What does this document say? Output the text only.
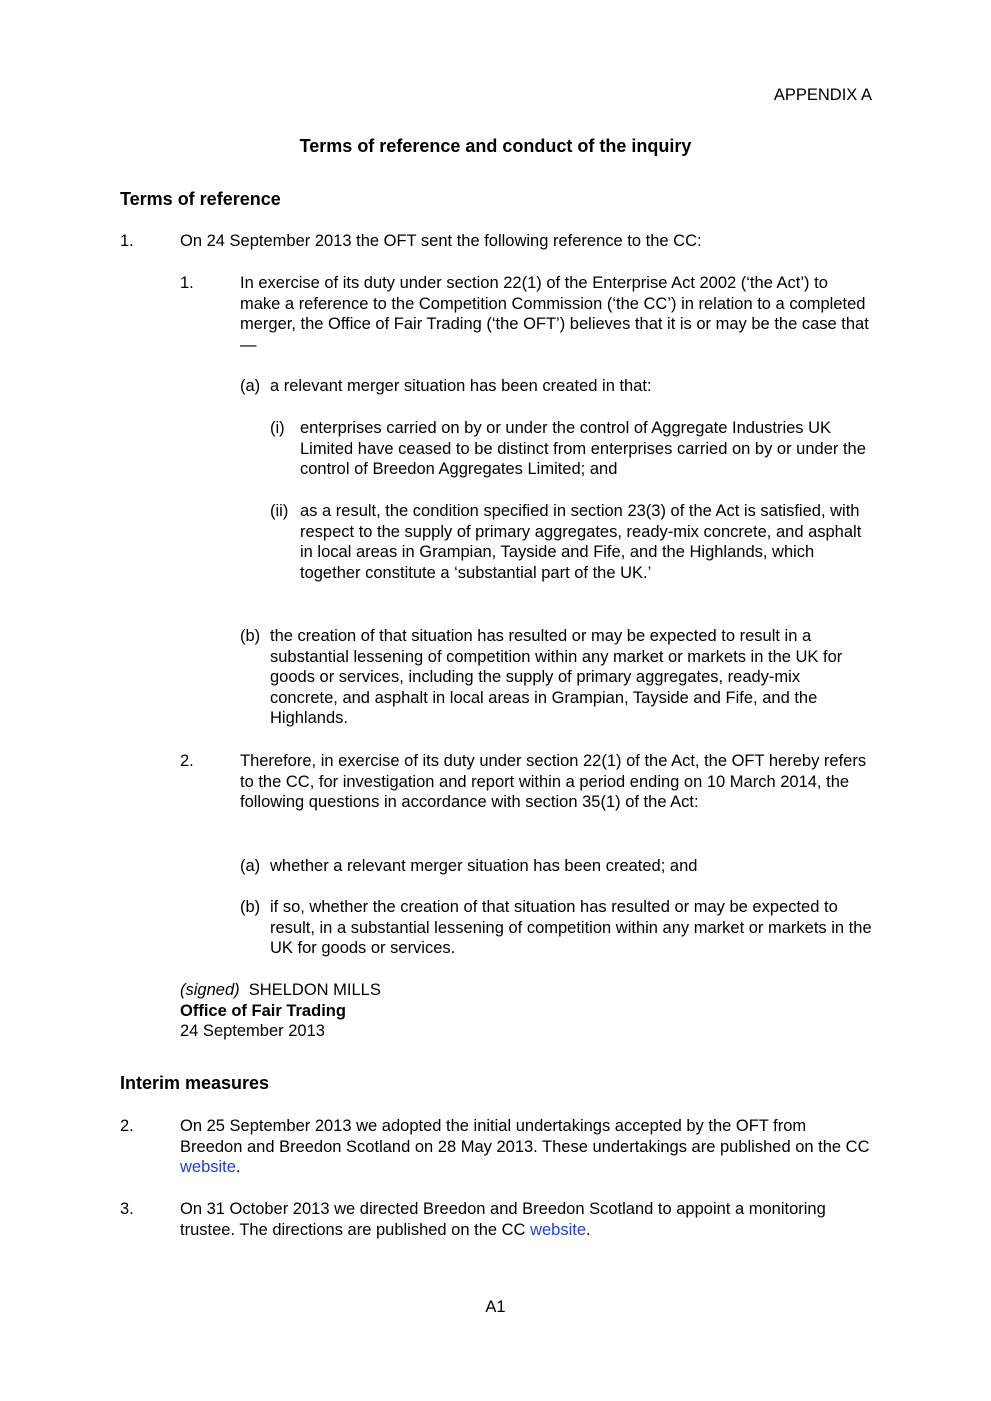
APPENDIX A
Terms of reference and conduct of the inquiry
Terms of reference
1.	On 24 September 2013 the OFT sent the following reference to the CC:
1.	In exercise of its duty under section 22(1) of the Enterprise Act 2002 (‘the Act’) to make a reference to the Competition Commission (‘the CC’) in relation to a completed merger, the Office of Fair Trading (‘the OFT’) believes that it is or may be the case that—
(a) a relevant merger situation has been created in that:
(i) enterprises carried on by or under the control of Aggregate Industries UK Limited have ceased to be distinct from enterprises carried on by or under the control of Breedon Aggregates Limited; and
(ii) as a result, the condition specified in section 23(3) of the Act is satisfied, with respect to the supply of primary aggregates, ready-mix concrete, and asphalt in local areas in Grampian, Tayside and Fife, and the Highlands, which together constitute a ‘substantial part of the UK.’
(b) the creation of that situation has resulted or may be expected to result in a substantial lessening of competition within any market or markets in the UK for goods or services, including the supply of primary aggregates, ready-mix concrete, and asphalt in local areas in Grampian, Tayside and Fife, and the Highlands.
2.	Therefore, in exercise of its duty under section 22(1) of the Act, the OFT hereby refers to the CC, for investigation and report within a period ending on 10 March 2014, the following questions in accordance with section 35(1) of the Act:
(a) whether a relevant merger situation has been created; and
(b) if so, whether the creation of that situation has resulted or may be expected to result, in a substantial lessening of competition within any market or markets in the UK for goods or services.
(signed) SHELDON MILLS
Office of Fair Trading
24 September 2013
Interim measures
2.	On 25 September 2013 we adopted the initial undertakings accepted by the OFT from Breedon and Breedon Scotland on 28 May 2013. These undertakings are published on the CC website.
3.	On 31 October 2013 we directed Breedon and Breedon Scotland to appoint a monitoring trustee. The directions are published on the CC website.
A1
